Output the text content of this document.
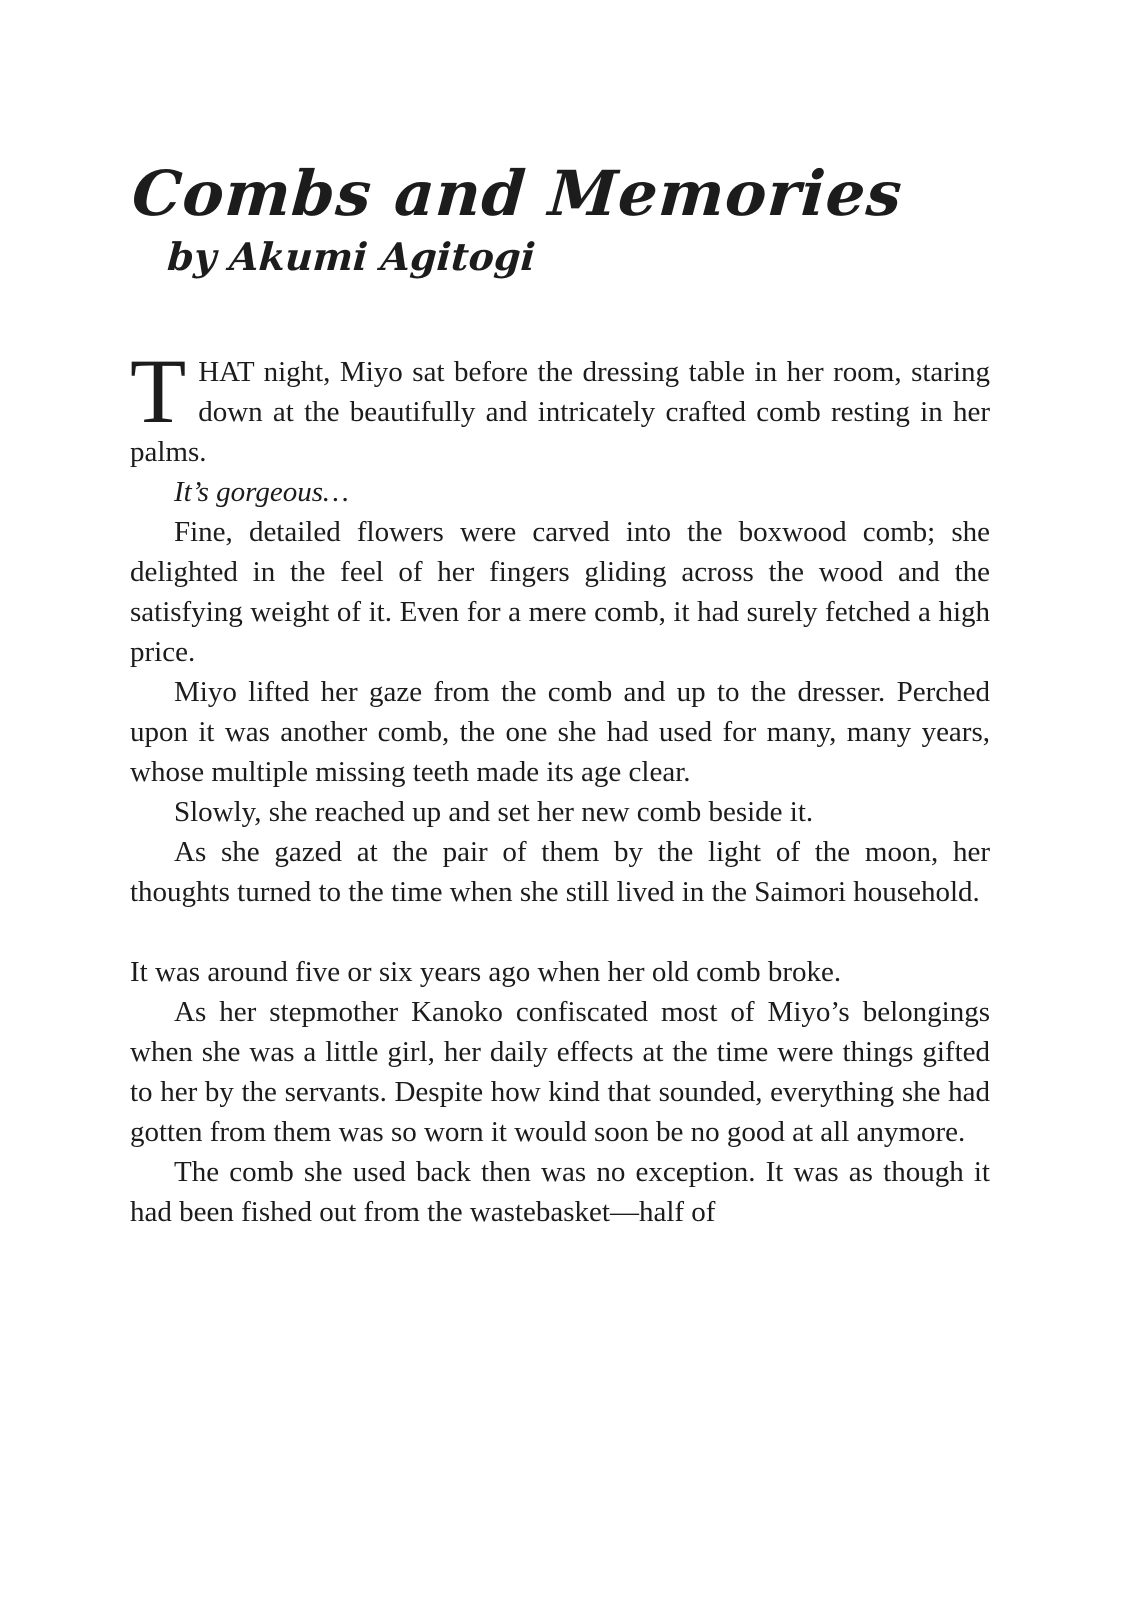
Combs and Memories
by Akumi Agitogi

THAT night, Miyo sat before the dressing table in her room, staring down at the beautifully and intricately crafted comb resting in her palms.

It’s gorgeous…

Fine, detailed flowers were carved into the boxwood comb; she delighted in the feel of her fingers gliding across the wood and the satisfying weight of it. Even for a mere comb, it had surely fetched a high price.

Miyo lifted her gaze from the comb and up to the dresser. Perched upon it was another comb, the one she had used for many, many years, whose multiple missing teeth made its age clear.

Slowly, she reached up and set her new comb beside it.

As she gazed at the pair of them by the light of the moon, her thoughts turned to the time when she still lived in the Saimori household.

It was around five or six years ago when her old comb broke.

As her stepmother Kanoko confiscated most of Miyo’s belongings when she was a little girl, her daily effects at the time were things gifted to her by the servants. Despite how kind that sounded, everything she had gotten from them was so worn it would soon be no good at all anymore.

The comb she used back then was no exception. It was as though it had been fished out from the wastebasket—half of
